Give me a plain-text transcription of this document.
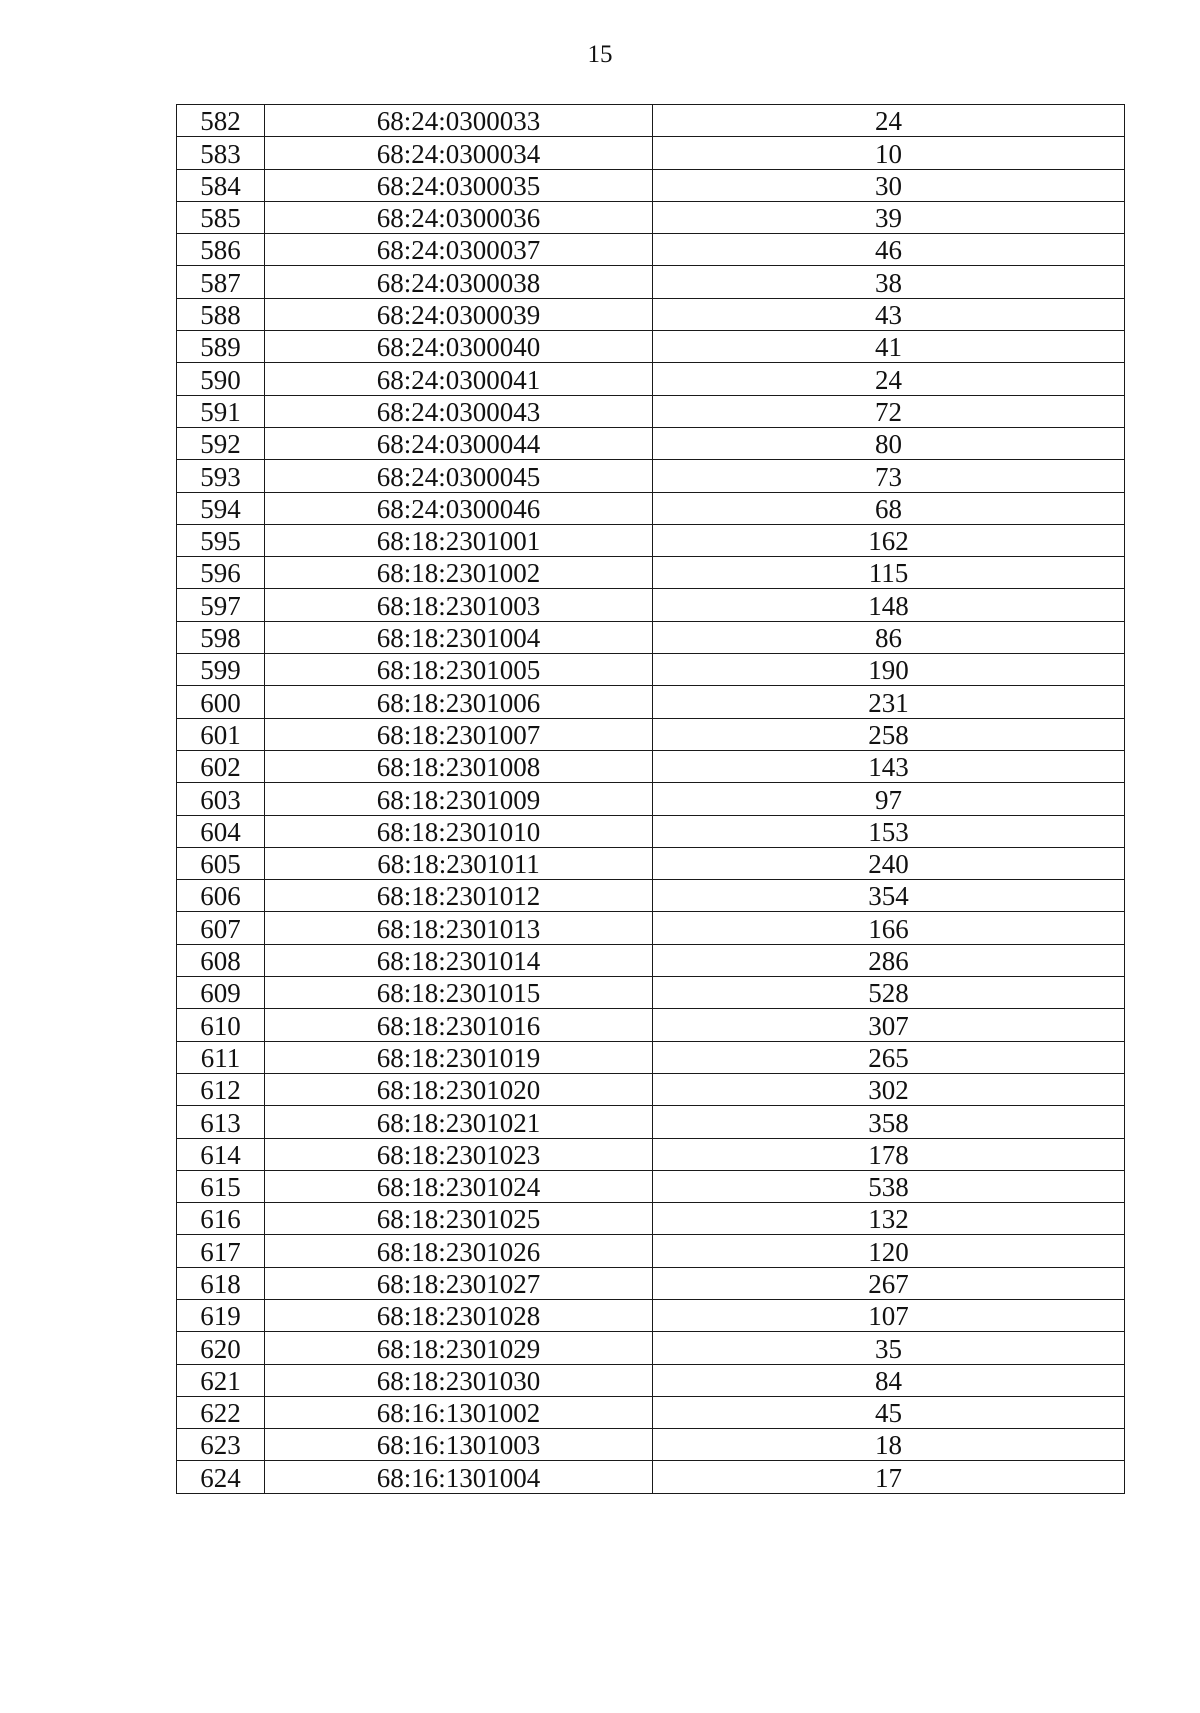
15
582	68:24:0300033	24
583	68:24:0300034	10
584	68:24:0300035	30
585	68:24:0300036	39
586	68:24:0300037	46
587	68:24:0300038	38
588	68:24:0300039	43
589	68:24:0300040	41
590	68:24:0300041	24
591	68:24:0300043	72
592	68:24:0300044	80
593	68:24:0300045	73
594	68:24:0300046	68
595	68:18:2301001	162
596	68:18:2301002	115
597	68:18:2301003	148
598	68:18:2301004	86
599	68:18:2301005	190
600	68:18:2301006	231
601	68:18:2301007	258
602	68:18:2301008	143
603	68:18:2301009	97
604	68:18:2301010	153
605	68:18:2301011	240
606	68:18:2301012	354
607	68:18:2301013	166
608	68:18:2301014	286
609	68:18:2301015	528
610	68:18:2301016	307
611	68:18:2301019	265
612	68:18:2301020	302
613	68:18:2301021	358
614	68:18:2301023	178
615	68:18:2301024	538
616	68:18:2301025	132
617	68:18:2301026	120
618	68:18:2301027	267
619	68:18:2301028	107
620	68:18:2301029	35
621	68:18:2301030	84
622	68:16:1301002	45
623	68:16:1301003	18
624	68:16:1301004	17
